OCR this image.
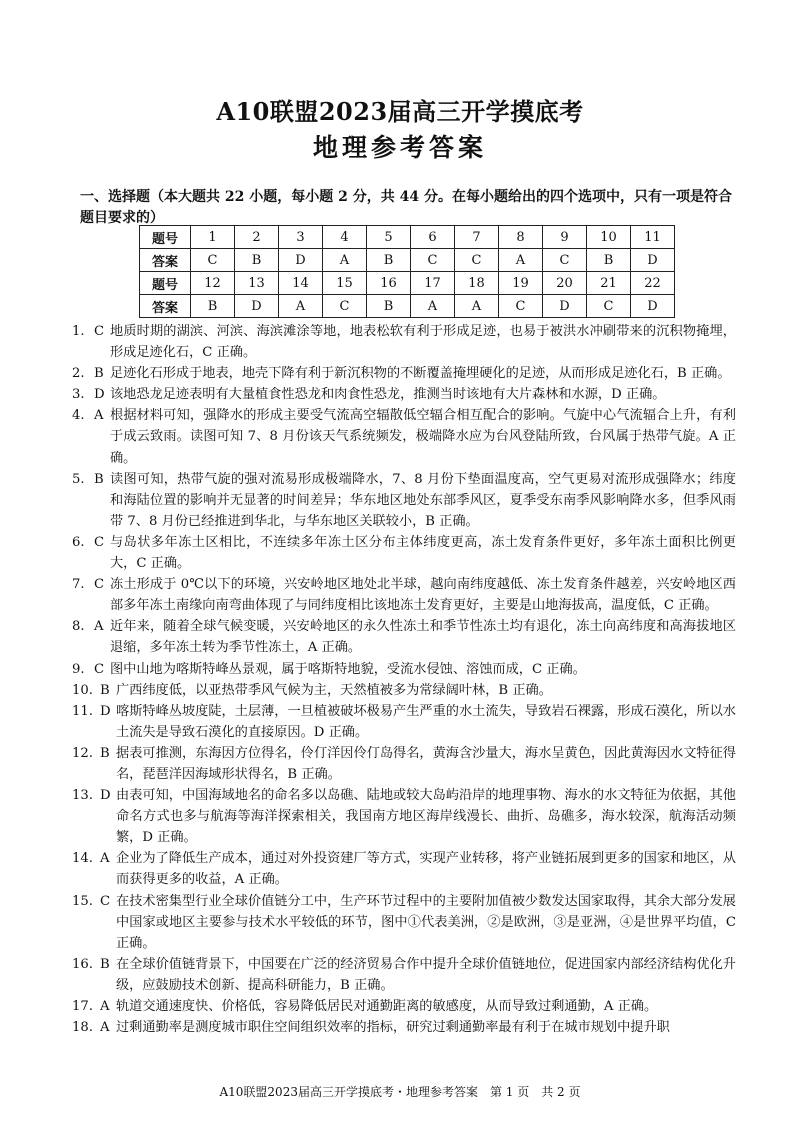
A10联盟2023届高三开学摸底考
地理参考答案
一、选择题（本大题共 22 小题，每小题 2 分，共 44 分。在每小题给出的四个选项中，只有一项是符合题目要求的）
题号	1	2	3	4	5	6	7	8	9	10	11
答案	C	B	D	A	B	C	C	A	C	B	D
题号	12	13	14	15	16	17	18	19	20	21	22
答案	B	D	A	C	B	A	A	C	D	C	D
1. C 地质时期的湖滨、河滨、海滨滩涂等地，地表松软有利于形成足迹，也易于被洪水冲刷带来的沉积物掩埋，形成足迹化石，C 正确。
2. B 足迹化石形成于地表，地壳下降有利于新沉积物的不断覆盖掩埋硬化的足迹，从而形成足迹化石，B 正确。
3. D 该地恐龙足迹表明有大量植食性恐龙和肉食性恐龙，推测当时该地有大片森林和水源，D 正确。
4. A 根据材料可知，强降水的形成主要受气流高空辐散低空辐合相互配合的影响。气旋中心气流辐合上升，有利于成云致雨。读图可知 7、8 月份该天气系统频发，极端降水应为台风登陆所致，台风属于热带气旋。A 正确。
5. B 读图可知，热带气旋的强对流易形成极端降水，7、8 月份下垫面温度高，空气更易对流形成强降水；纬度和海陆位置的影响并无显著的时间差异；华东地区地处东部季风区，夏季受东南季风影响降水多，但季风雨带 7、8 月份已经推进到华北，与华东地区关联较小，B 正确。
6. C 与岛状多年冻土区相比，不连续多年冻土区分布主体纬度更高，冻土发育条件更好，多年冻土面积比例更大，C 正确。
7. C 冻土形成于 0℃以下的环境，兴安岭地区地处北半球，越向南纬度越低、冻土发育条件越差，兴安岭地区西部多年冻土南缘向南弯曲体现了与同纬度相比该地冻土发育更好，主要是山地海拔高，温度低，C 正确。
8. A 近年来，随着全球气候变暖，兴安岭地区的永久性冻土和季节性冻土均有退化，冻土向高纬度和高海拔地区退缩，多年冻土转为季节性冻土，A 正确。
9. C 图中山地为喀斯特峰丛景观，属于喀斯特地貌，受流水侵蚀、溶蚀而成，C 正确。
10. B 广西纬度低，以亚热带季风气候为主，天然植被多为常绿阔叶林，B 正确。
11. D 喀斯特峰丛坡度陡，土层薄，一旦植被破坏极易产生严重的水土流失，导致岩石裸露，形成石漠化，所以水土流失是导致石漠化的直接原因。D 正确。
12. B 据表可推测，东海因方位得名，伶仃洋因伶仃岛得名，黄海含沙量大，海水呈黄色，因此黄海因水文特征得名，琵琶洋因海域形状得名，B 正确。
13. D 由表可知，中国海域地名的命名多以岛礁、陆地或较大岛屿沿岸的地理事物、海水的水文特征为依据，其他命名方式也多与航海等海洋探索相关，我国南方地区海岸线漫长、曲折、岛礁多，海水较深，航海活动频繁，D 正确。
14. A 企业为了降低生产成本，通过对外投资建厂等方式，实现产业转移，将产业链拓展到更多的国家和地区，从而获得更多的收益，A 正确。
15. C 在技术密集型行业全球价值链分工中，生产环节过程中的主要附加值被少数发达国家取得，其余大部分发展中国家或地区主要参与技术水平较低的环节，图中①代表美洲，②是欧洲，③是亚洲，④是世界平均值，C 正确。
16. B 在全球价值链背景下，中国要在广泛的经济贸易合作中提升全球价值链地位，促进国家内部经济结构优化升级，应鼓励技术创新、提高科研能力，B 正确。
17. A 轨道交通速度快、价格低，容易降低居民对通勤距离的敏感度，从而导致过剩通勤，A 正确。
18. A 过剩通勤率是测度城市职住空间组织效率的指标，研究过剩通勤率最有利于在城市规划中提升职
A10联盟2023届高三开学摸底考・地理参考答案　第 1 页　共 2 页
